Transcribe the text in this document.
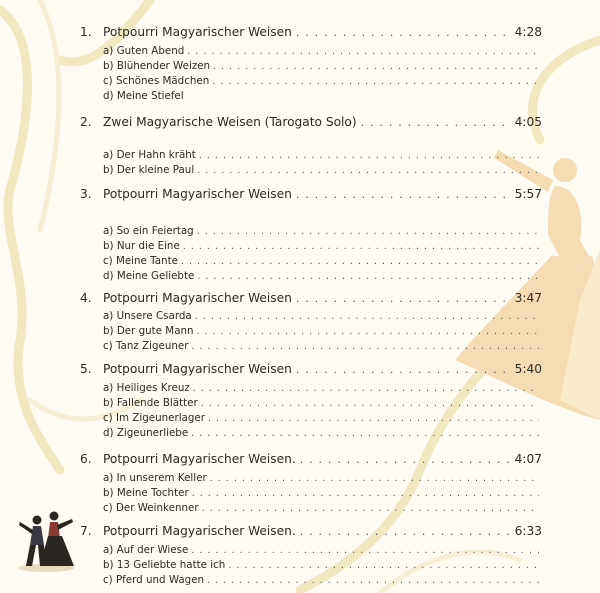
1. Potpourri Magyarischer Weisen . . .	4:28
a) Guten Abend
. . .
b) Blühender Weizen
. . .
c) Schönes Mädchen
. . .
d) Meine Stiefel
2. Zwei Magyarische Weisen (Tarogato Solo) . . .	4:05
a) Der Hahn kräht
. . .
b) Der kleine Paul
. . .
3. Potpourri Magyarischer Weisen . . .	5:57
a) So ein Feiertag
. . .
b) Nur die Eine
. . .
c) Meine Tante
. . .
d) Meine Geliebte
. . .
4. Potpourri Magyarischer Weisen . . .	3:47
a) Unsere Csarda
. . .
b) Der gute Mann
. . .
c) Tanz Zigeuner
. . .
5. Potpourri Magyarischer Weisen . . .	5:40
a) Heiliges Kreuz
. . .
b) Fallende Blätter
. . .
c) Im Zigeunerlager
. . .
d) Zigeunerliebe
. . .
6. Potpourri Magyarischer Weisen. . . .	4:07
a) In unserem Keller
. . .
b) Meine Tochter
. . .
c) Der Weinkenner
. . .
7. Potpourri Magyarischer Weisen. . . .	6:33
a) Auf der Wiese
. . .
b) 13 Geliebte hatte ich
. . .
c) Pferd und Wagen
. . .
